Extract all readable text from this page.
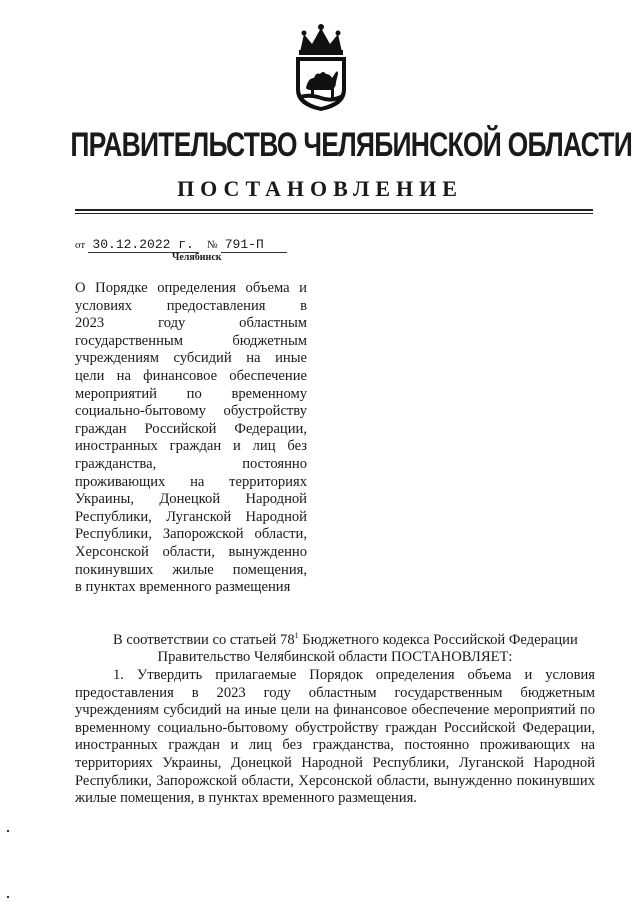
ПРАВИТЕЛЬСТВО ЧЕЛЯБИНСКОЙ ОБЛАСТИ
ПОСТАНОВЛЕНИЕ
от 30.12.2022 г.	№ 791-П
Челябинск
О Порядке определения объема и
условиях предоставления в
2023 году областным
государственным бюджетным
учреждениям субсидий на иные
цели на финансовое обеспечение
мероприятий по временному
социально-бытовому обустройству
граждан Российской Федерации,
иностранных граждан и лиц без
гражданства, постоянно
проживающих на территориях
Украины, Донецкой Народной
Республики, Луганской Народной
Республики, Запорожской области,
Херсонской области, вынужденно
покинувших жилые помещения,
в пунктах временного размещения

В соответствии со статьей $78^1$ Бюджетного кодекса Российской Федерации

Правительство Челябинской области ПОСТАНОВЛЯЕТ:

1. Утвердить прилагаемые Порядок определения объема и условия предоставления в 2023 году областным государственным бюджетным учреждениям субсидий на иные цели на финансовое обеспечение мероприятий по временному социально-бытовому обустройству граждан Российской Федерации, иностранных граждан и лиц без гражданства, постоянно проживающих на территориях Украины, Донецкой Народной Республики, Луганской Народной Республики, Запорожской области, Херсонской области, вынужденно покинувших жилые помещения, в пунктах временного размещения.
